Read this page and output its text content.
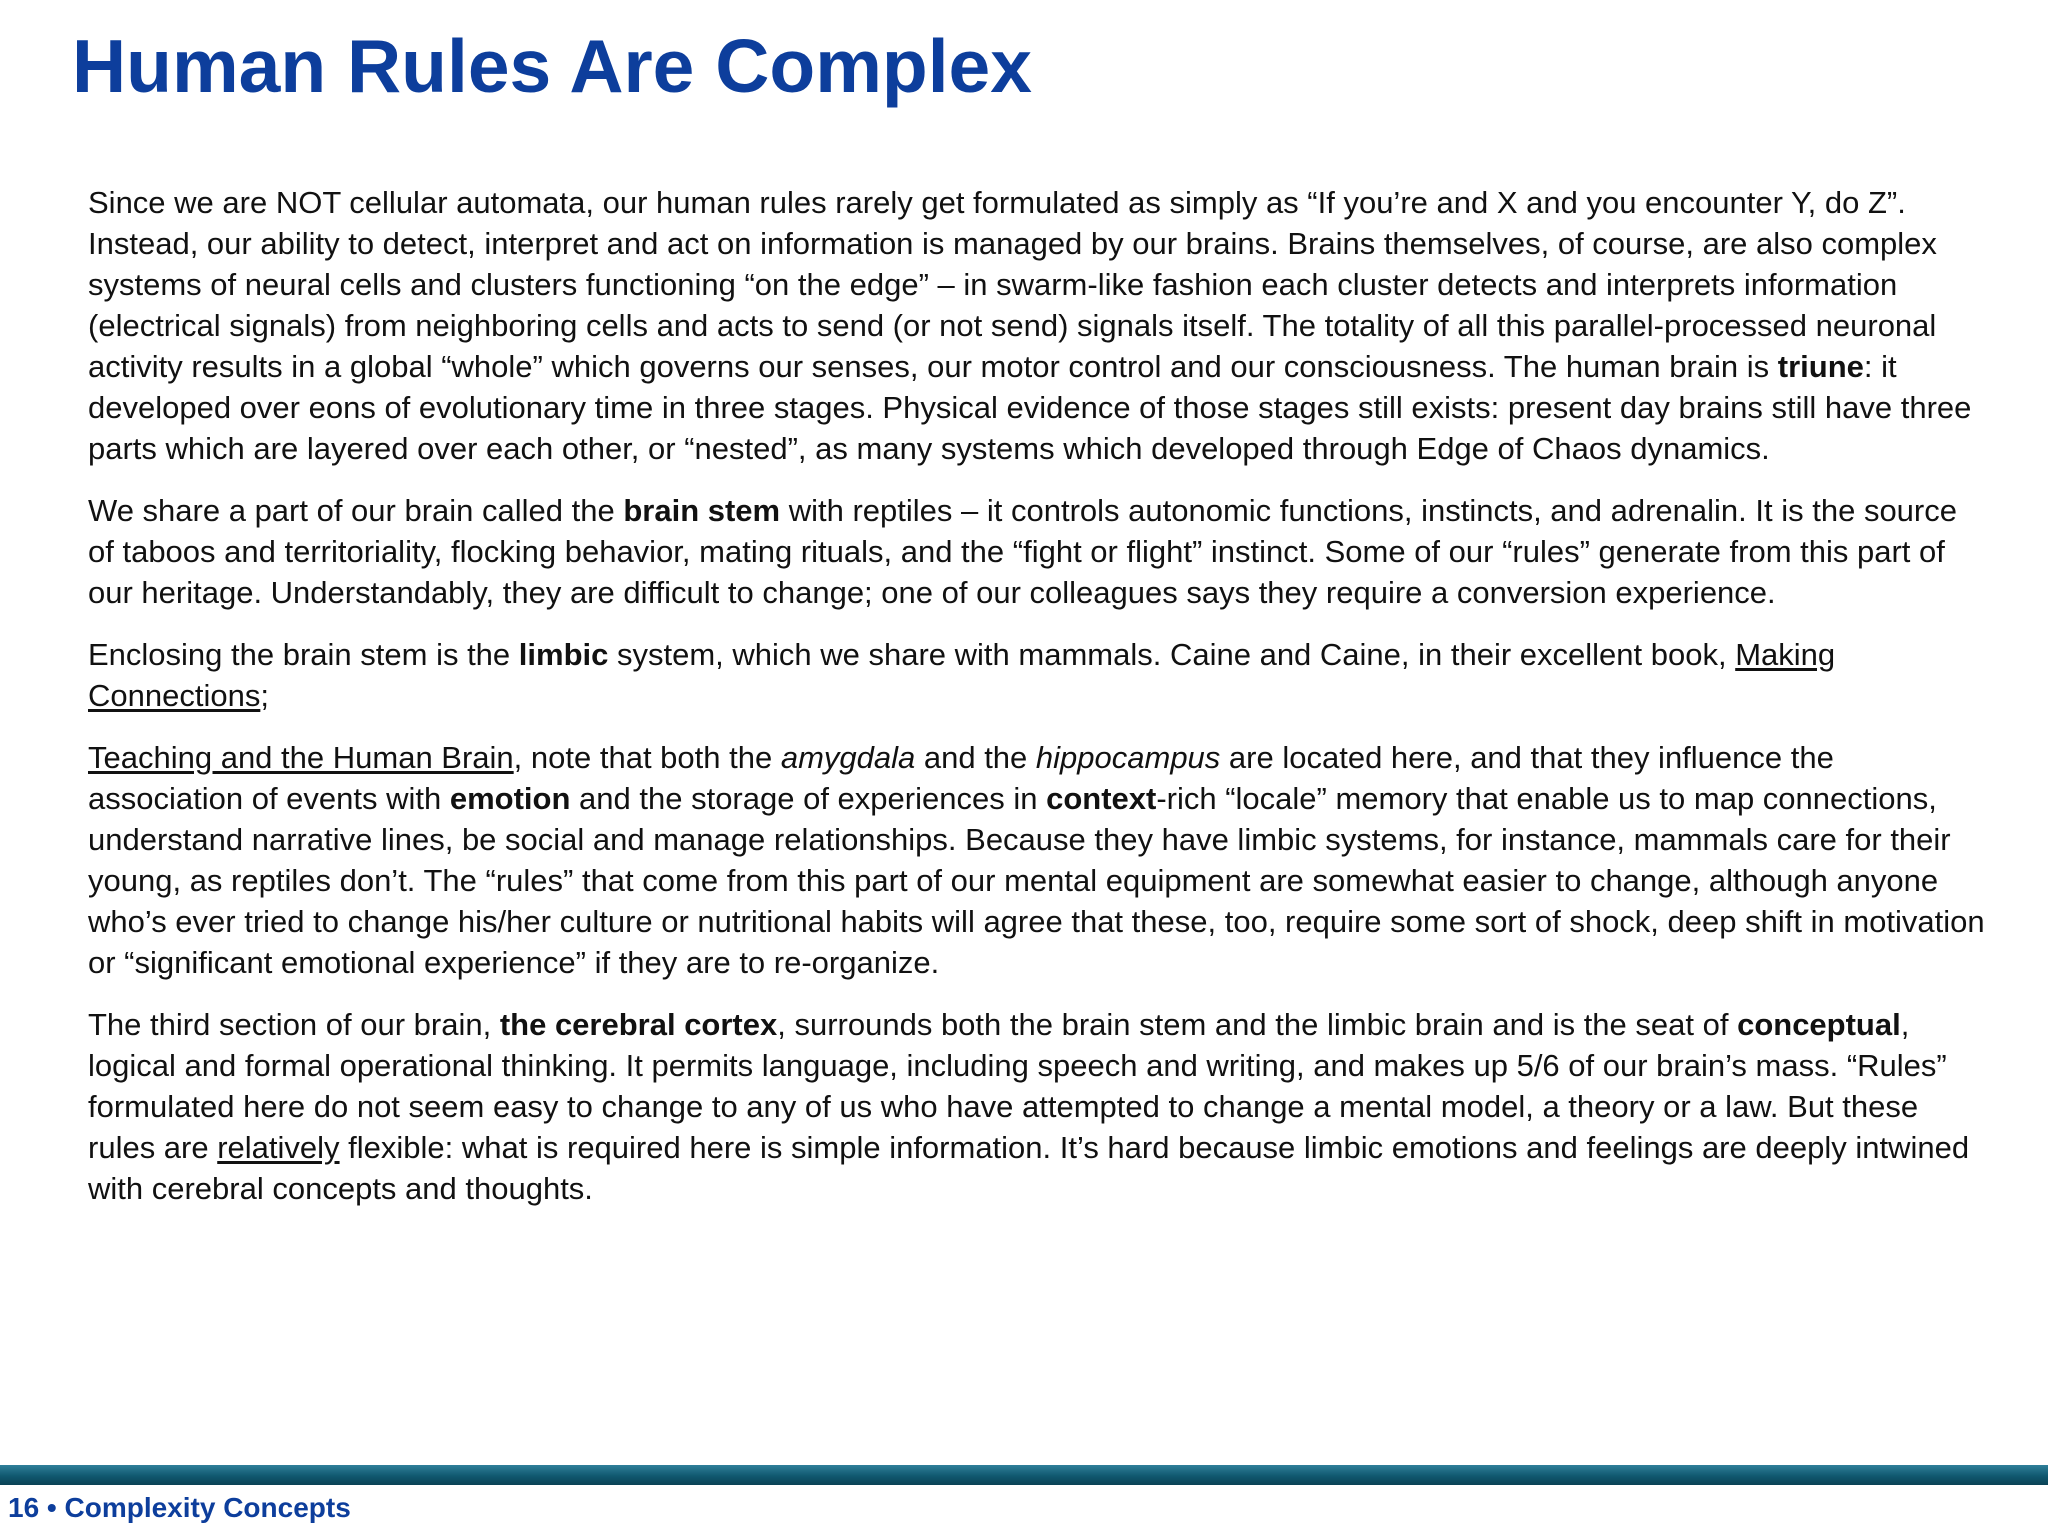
Human Rules Are Complex

Since we are NOT cellular automata, our human rules rarely get formulated as simply as “If you’re and X and you encounter Y, do Z”. Instead, our ability to detect, interpret and act on information is managed by our brains. Brains themselves, of course, are also complex systems of neural cells and clusters functioning “on the edge” – in swarm-like fashion each cluster detects and interprets information (electrical signals) from neighboring cells and acts to send (or not send) signals itself. The totality of all this parallel-processed neuronal activity results in a global “whole” which governs our senses, our motor control and our consciousness. The human brain is triune: it developed over eons of evolutionary time in three stages. Physical evidence of those stages still exists: present day brains still have three parts which are layered over each other, or “nested”, as many systems which developed through Edge of Chaos dynamics.

We share a part of our brain called the brain stem with reptiles – it controls autonomic functions, instincts, and adrenalin. It is the source of taboos and territoriality, flocking behavior, mating rituals, and the “fight or flight” instinct. Some of our “rules” generate from this part of our heritage. Understandably, they are difficult to change; one of our colleagues says they require a conversion experience.

Enclosing the brain stem is the limbic system, which we share with mammals. Caine and Caine, in their excellent book, Making Connections;

Teaching and the Human Brain, note that both the amygdala and the hippocampus are located here, and that they influence the association of events with emotion and the storage of experiences in context-rich “locale” memory that enable us to map connections, understand narrative lines, be social and manage relationships. Because they have limbic systems, for instance, mammals care for their young, as reptiles don’t. The “rules” that come from this part of our mental equipment are somewhat easier to change, although anyone who’s ever tried to change his/her culture or nutritional habits will agree that these, too, require some sort of shock, deep shift in motivation or “significant emotional experience” if they are to re-organize.

The third section of our brain, the cerebral cortex, surrounds both the brain stem and the limbic brain and is the seat of conceptual, logical and formal operational thinking. It permits language, including speech and writing, and makes up 5/6 of our brain’s mass. “Rules” formulated here do not seem easy to change to any of us who have attempted to change a mental model, a theory or a law. But these rules are relatively flexible: what is required here is simple information. It’s hard because limbic emotions and feelings are deeply intwined with cerebral concepts and thoughts.

16 • Complexity Concepts
